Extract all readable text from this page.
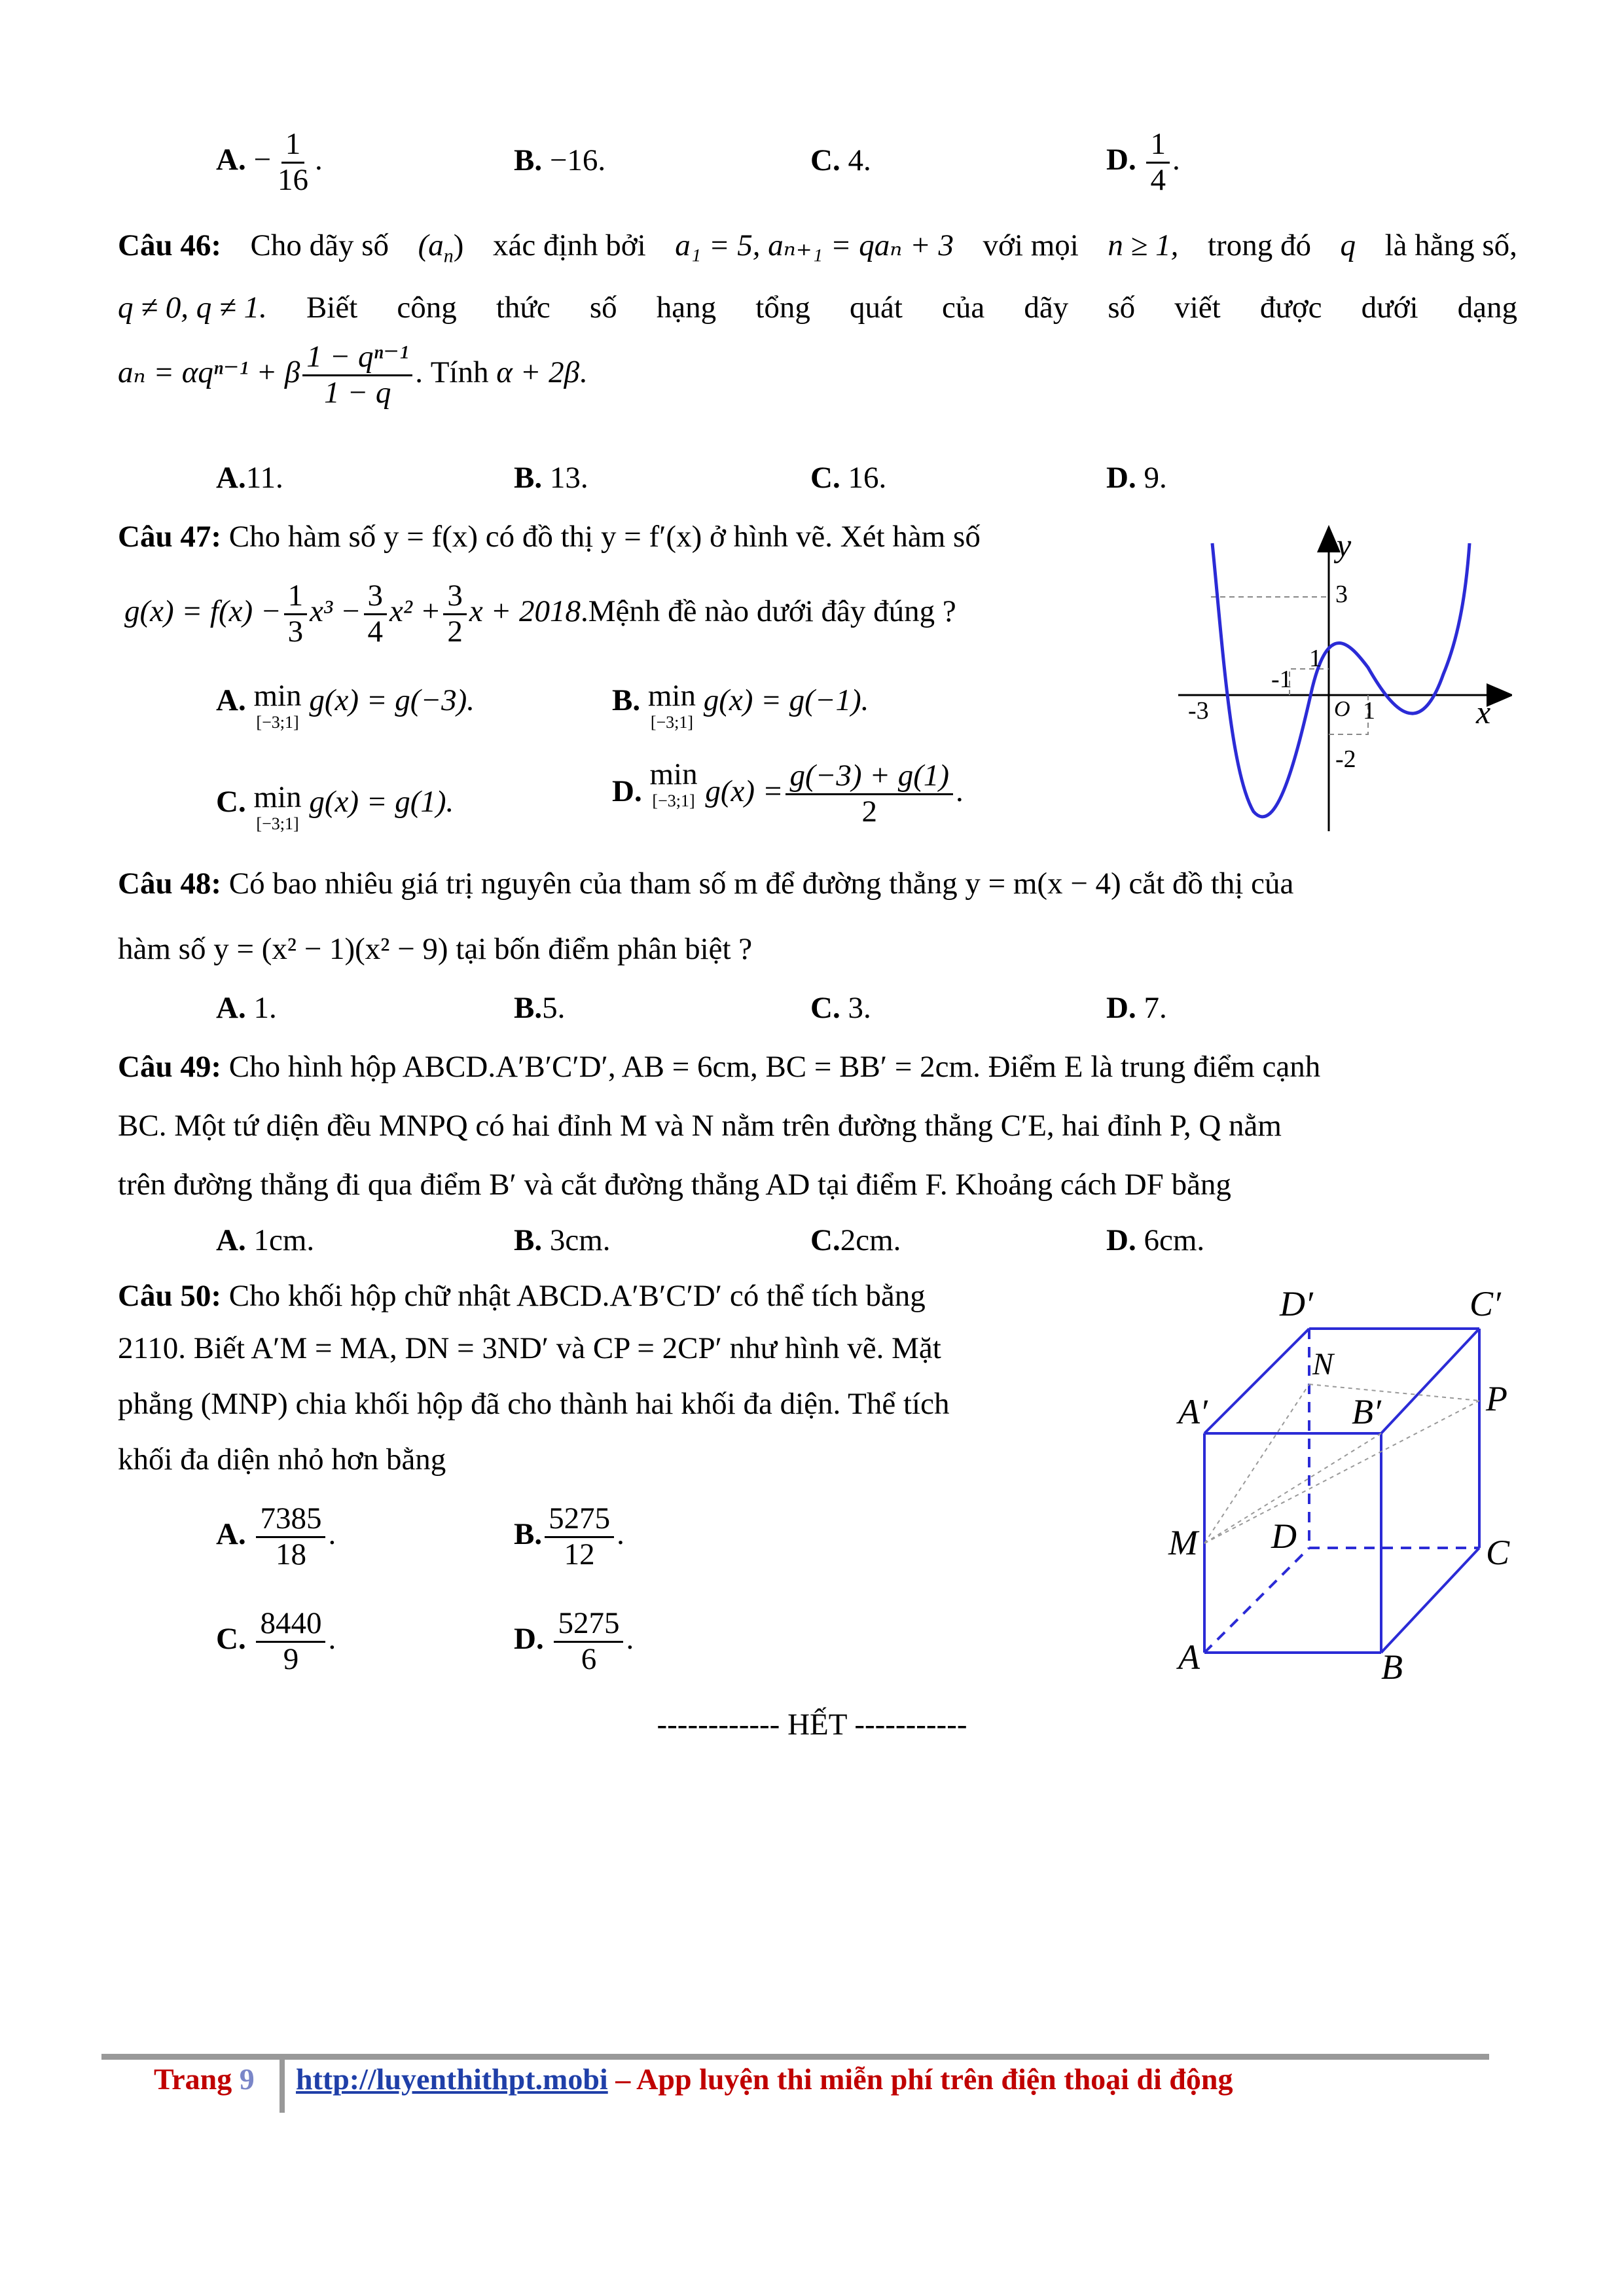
A. − $\frac{1}{16}$ .	B. −16.	C. 4.	D. $\frac{1}{4}$ .
Câu 46: Cho dãy số $(a_n)$ xác định bởi a₁ = 5, aₙ₊₁ = qaₙ + 3 với mọi n ≥ 1, trong đó q là hằng số,
q ≠ 0, q ≠ 1. Biết công thức số hạng tổng quát của dãy số viết được dưới dạng
aₙ = αqⁿ⁻¹ + β $\frac{\text{1 − qⁿ⁻¹}}{1 - q}$ . Tính α + 2β.
A.11.	B. 13.	C. 16.	D. 9.
Câu 47: Cho hàm số y = f(x) có đồ thị y = f′(x) ở hình vẽ. Xét hàm số
$g(x) = f(x) - \frac{1}{3} x^3 - \frac{3}{4} x^2 + \frac{3}{2}$ x + 2018.Mệnh đề nào dưới đây đúng ?
A. min
[−3;1]
g(x) = g(−3).	B. min
[−3;1]
g(x) = g(−1).
C. min
[−3;1]
g(x) = g(1).	D. min
[−3;1] $g(x) = \frac{g(-3) + g(1)}{2}$ .
y
x
3
1
-1
O 1
-3
-2
Câu 48: Có bao nhiêu giá trị nguyên của tham số m để đường thẳng y = m(x − 4) cắt đồ thị của
hàm số y = (x² − 1)(x² − 9) tại bốn điểm phân biệt ?
A. 1.	B.5.	C. 3.	D. 7.
Câu 49: Cho hình hộp ABCD.A′B′C′D′, AB = 6cm, BC = BB′ = 2cm. Điểm E là trung điểm cạnh
BC. Một tứ diện đều MNPQ có hai đỉnh M và N nằm trên đường thẳng C′E, hai đỉnh P, Q nằm
trên đường thẳng đi qua điểm B′ và cắt đường thẳng AD tại điểm F. Khoảng cách DF bằng
A. 1cm.	B. 3cm.	C.2cm.	D. 6cm.
Câu 50: Cho khối hộp chữ nhật ABCD.A′B′C′D′ có thể tích bằng
2110. Biết A′M = MA, DN = 3ND′ và CP = 2CP′ như hình vẽ. Mặt
phẳng (MNP) chia khối hộp đã cho thành hai khối đa diện. Thể tích
khối đa diện nhỏ hơn bằng
A. $\frac{7385}{18}$ .	B. $\frac{5275}{12}$ .
C. $\frac{8440}{9}$ .	D. $\frac{5275}{6}$ .
D′	C′
N
A′	B′	P
M D	C
A	B
------------ HẾT -----------
Trang 9 http://luyenthithpt.mobi – App luyện thi miễn phí trên điện thoại di động
